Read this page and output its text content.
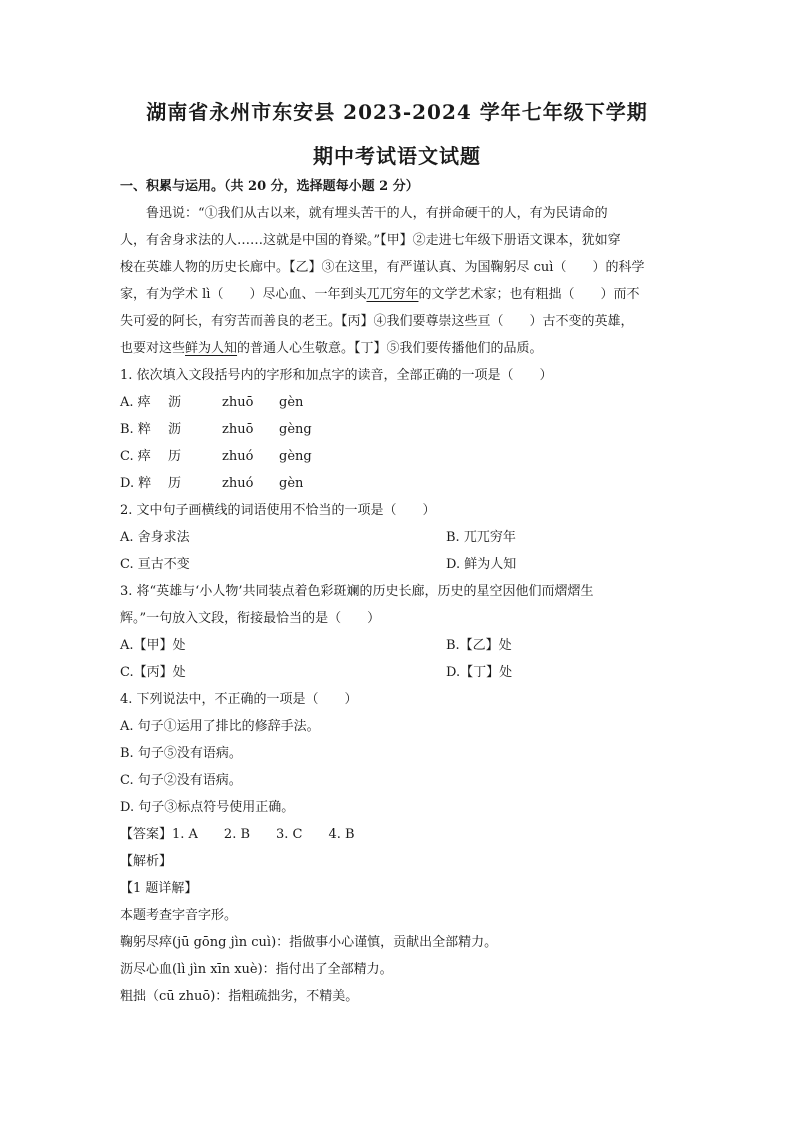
湖南省永州市东安县 2023-2024 学年七年级下学期
期中考试语文试题
一、积累与运用。（共 20 分，选择题每小题 2 分）
鲁迅说：“①我们从古以来，就有埋头苦干的人，有拼命硬干的人，有为民请命的
人，有舍身求法的人……这就是中国的脊梁。”【甲】②走进七年级下册语文课本，犹如穿
梭在英雄人物的历史长廊中。【乙】③在这里，有严谨认真、为国鞠躬尽 cuì（　　）的科学
家，有为学术 lì（　　）尽心血、一年到头兀兀穷年的文学艺术家；也有粗拙（　　）而不
失可爱的阿长，有穷苦而善良的老王。【丙】④我们要尊崇这些亘（　　）古不变的英雄，
也要对这些鲜为人知的普通人心生敬意。【丁】⑤我们要传播他们的品质。
1. 依次填入文段括号内的字形和加点字的读音，全部正确的一项是（　　）
A. 瘁 沥	zhuō gèn
B. 粹 沥	zhuō gèng
C. 瘁 历	zhuó gèng
D. 粹 历	zhuó gèn
2. 文中句子画横线的词语使用不恰当的一项是（　　）
A. 舍身求法	B. 兀兀穷年
C. 亘古不变	D. 鲜为人知
3. 将“英雄与‘小人物’共同装点着色彩斑斓的历史长廊，历史的星空因他们而熠熠生
辉。”一句放入文段，衔接最恰当的是（　　）
A.【甲】处	B.【乙】处
C.【丙】处	D.【丁】处
4. 下列说法中，不正确的一项是（　　）
A. 句子①运用了排比的修辞手法。
B. 句子⑤没有语病。
C. 句子②没有语病。
D. 句子③标点符号使用正确。
【答案】1. A　　2. B　　3. C　　4. B
【解析】
【1 题详解】
本题考查字音字形。
鞠躬尽瘁(jū gōng jìn cuì)：指做事小心谨慎，贡献出全部精力。
沥尽心血(lì jìn xīn xuè)：指付出了全部精力。
粗拙（cū zhuō)：指粗疏拙劣，不精美。
